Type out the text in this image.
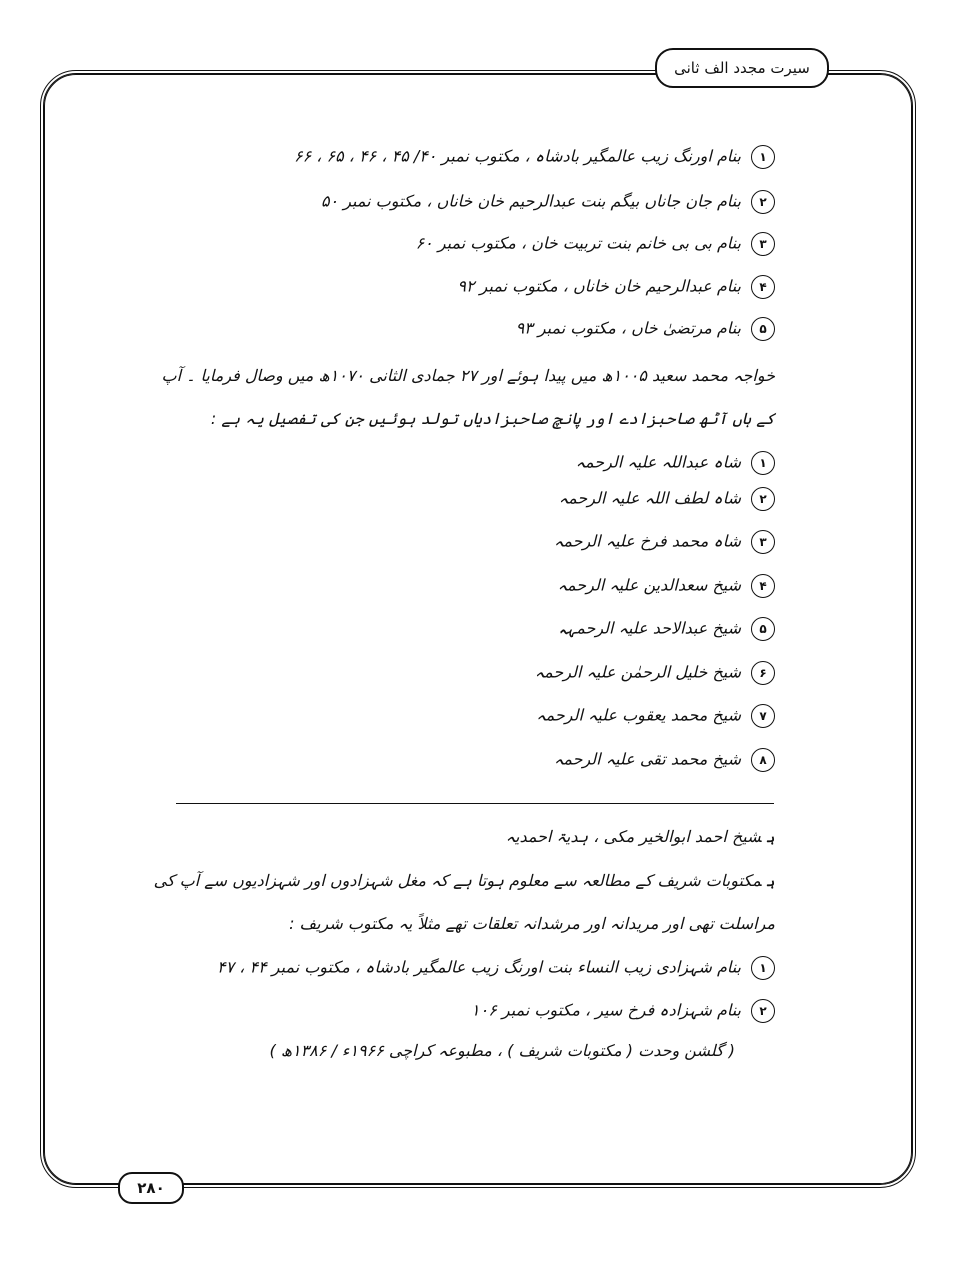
سیرت مجدد الف ثانی
۱بنام اورنگ زیب عالمگیر بادشاہ ، مکتوب نمبر ۴۰/ ۴۵ ، ۴۶ ، ۶۵ ، ۶۶
۲بنام جان جاناں بیگم بنت عبدالرحیم خان خاناں ، مکتوب نمبر ۵۰
۳بنام بی بی خانم بنت تربیت خان ، مکتوب نمبر ۶۰
۴بنام عبدالرحیم خان خاناں ، مکتوب نمبر ۹۲
۵بنام مرتضیٰ خاں ، مکتوب نمبر ۹۳
خواجہ محمد سعید ۱۰۰۵ھ میں پیدا ہوئے اور ۲۷ جمادی الثانی ۱۰۷۰ھ میں وصال فرمایا ۔ آپ
کے ہاں آٹھ صاحبزادے اور پانچ صاحبزادیاں تولد ہوئیں جن کی تفصیل یہ ہے :
۱شاہ عبداللہ علیہ الرحمہ
۲شاہ لطف اللہ علیہ الرحمہ
۳شاہ محمد فرخ علیہ الرحمہ
۴شیخ سعدالدین علیہ الرحمہ
۵شیخ عبدالاحد علیہ الرحمہہ
۶شیخ خلیل الرحمٰن علیہ الرحمہ
۷شیخ محمد یعقوب علیہ الرحمہ
۸شیخ محمد تقی علیہ الرحمہ
ہشیخ احمد ابوالخیر مکی ، ہدیۃ احمدیہ
ہمکتوبات شریف کے مطالعہ سے معلوم ہوتا ہے کہ مغل شہزادوں اور شہزادیوں سے آپ کی
مراسلت تھی اور مریدانہ اور مرشدانہ تعلقات تھے مثلاً یہ مکتوب شریف :
۱بنام شہزادی زیب النساء بنت اورنگ زیب عالمگیر بادشاہ ، مکتوب نمبر ۴۴ ، ۴۷
۲بنام شہزادہ فرخ سیر ، مکتوب نمبر ۱۰۶
( گلشن وحدت ( مکتوبات شریف ) ، مطبوعہ کراچی ۱۹۶۶ء / ۱۳۸۶ھ )
۲۸۰
